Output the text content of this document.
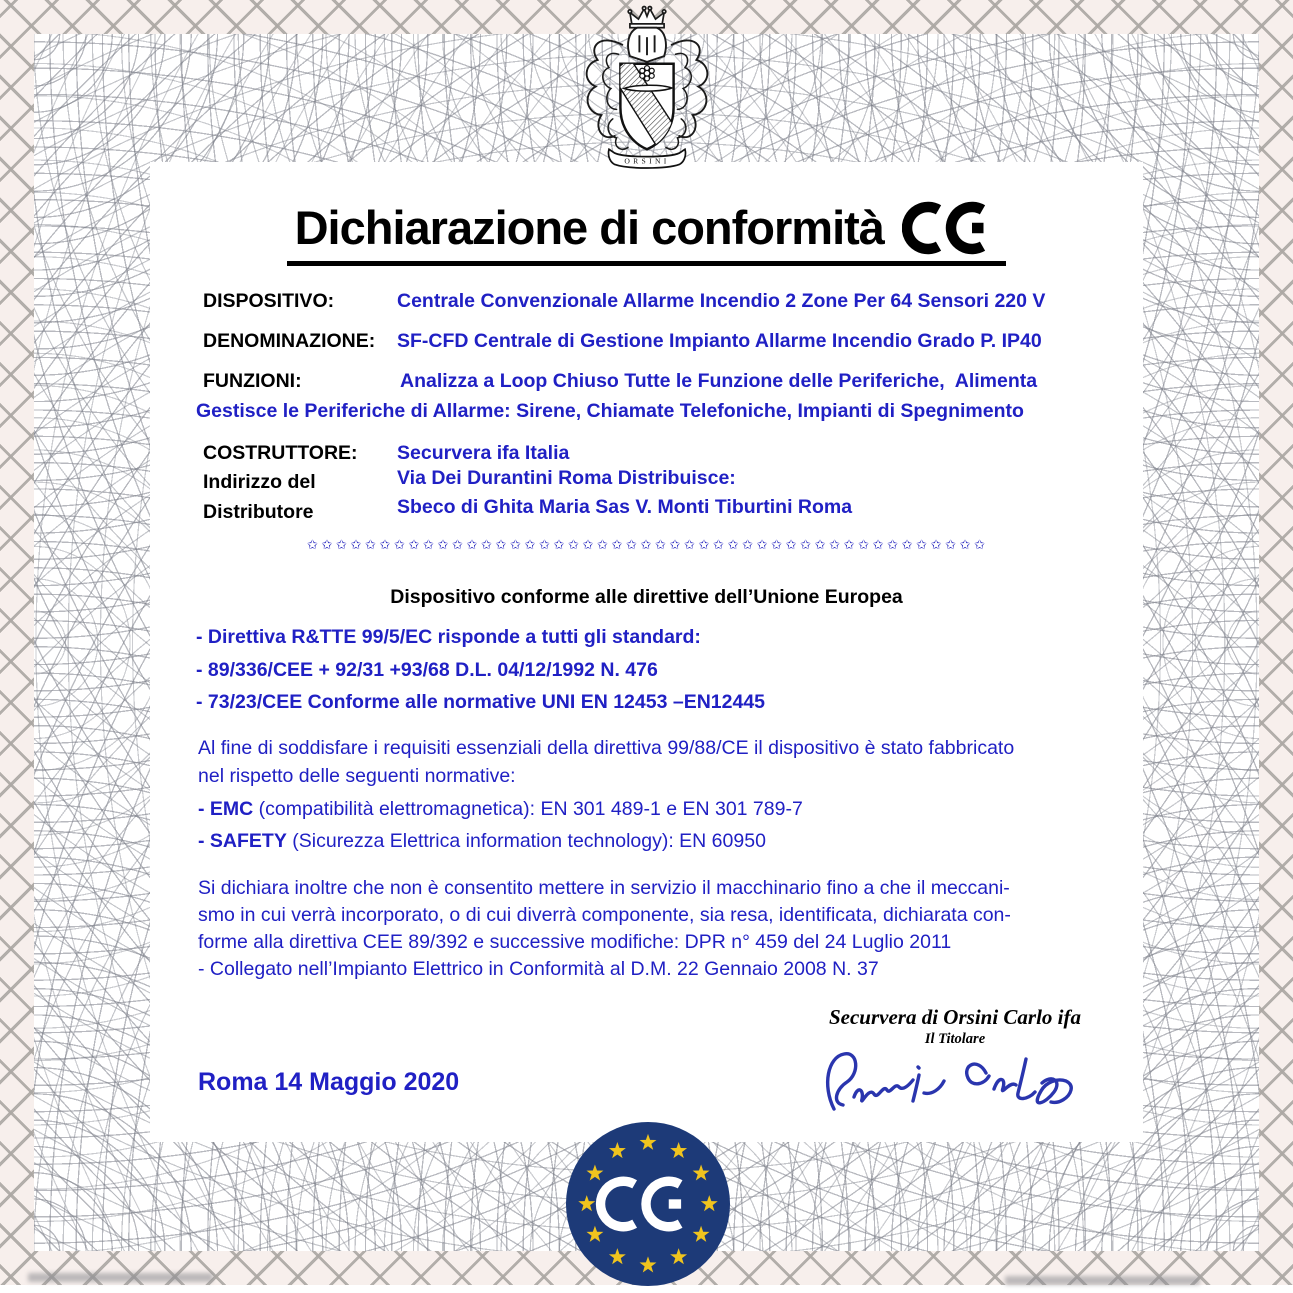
ORSINI
Dichiarazione di conformità
DISPOSITIVO:	Centrale Convenzionale Allarme Incendio 2 Zone Per 64 Sensori 220 V
DENOMINAZIONE: SF-CFD Centrale di Gestione Impianto Allarme Incendio Grado P. IP40
FUNZIONI:	Analizza a Loop Chiuso Tutte le Funzione delle Periferiche,  Alimenta
Gestisce le Periferiche di Allarme: Sirene, Chiamate Telefoniche, Impianti di Spegnimento
COSTRUTTORE: Securvera ifa Italia
Indirizzo del	Via Dei Durantini Roma Distribuisce:
Distributore	Sbeco di Ghita Maria Sas V. Monti Tiburtini Roma
✩ ✩ ✩ ✩ ✩ ✩ ✩ ✩ ✩ ✩ ✩ ✩ ✩ ✩ ✩ ✩ ✩ ✩ ✩ ✩ ✩ ✩ ✩ ✩ ✩ ✩ ✩ ✩ ✩ ✩ ✩ ✩ ✩ ✩ ✩ ✩ ✩ ✩ ✩ ✩ ✩ ✩ ✩ ✩ ✩ ✩ ✩
Dispositivo conforme alle direttive dell’Unione Europea
- Direttiva R&TTE 99/5/EC risponde a tutti gli standard:
- 89/336/CEE + 92/31 +93/68 D.L. 04/12/1992 N. 476
- 73/23/CEE Conforme alle normative UNI EN 12453 –EN12445
Al fine di soddisfare i requisiti essenziali della direttiva 99/88/CE il dispositivo è stato fabbricato
nel rispetto delle seguenti normative:
- EMC (compatibilità elettromagnetica): EN 301 489-1 e EN 301 789-7
- SAFETY (Sicurezza Elettrica information technology): EN 60950
Si dichiara inoltre che non è consentito mettere in servizio il macchinario fino a che il meccani-
smo in cui verrà incorporato, o di cui diverrà componente, sia resa, identificata, dichiarata con-
forme alla direttiva CEE 89/392 e successive modifiche: DPR n° 459 del 24 Luglio 2011
- Collegato nell’Impianto Elettrico in Conformità al D.M. 22 Gennaio 2008 N. 37
Securvera di Orsini Carlo ifa
Il Titolare
Roma 14 Maggio 2020
